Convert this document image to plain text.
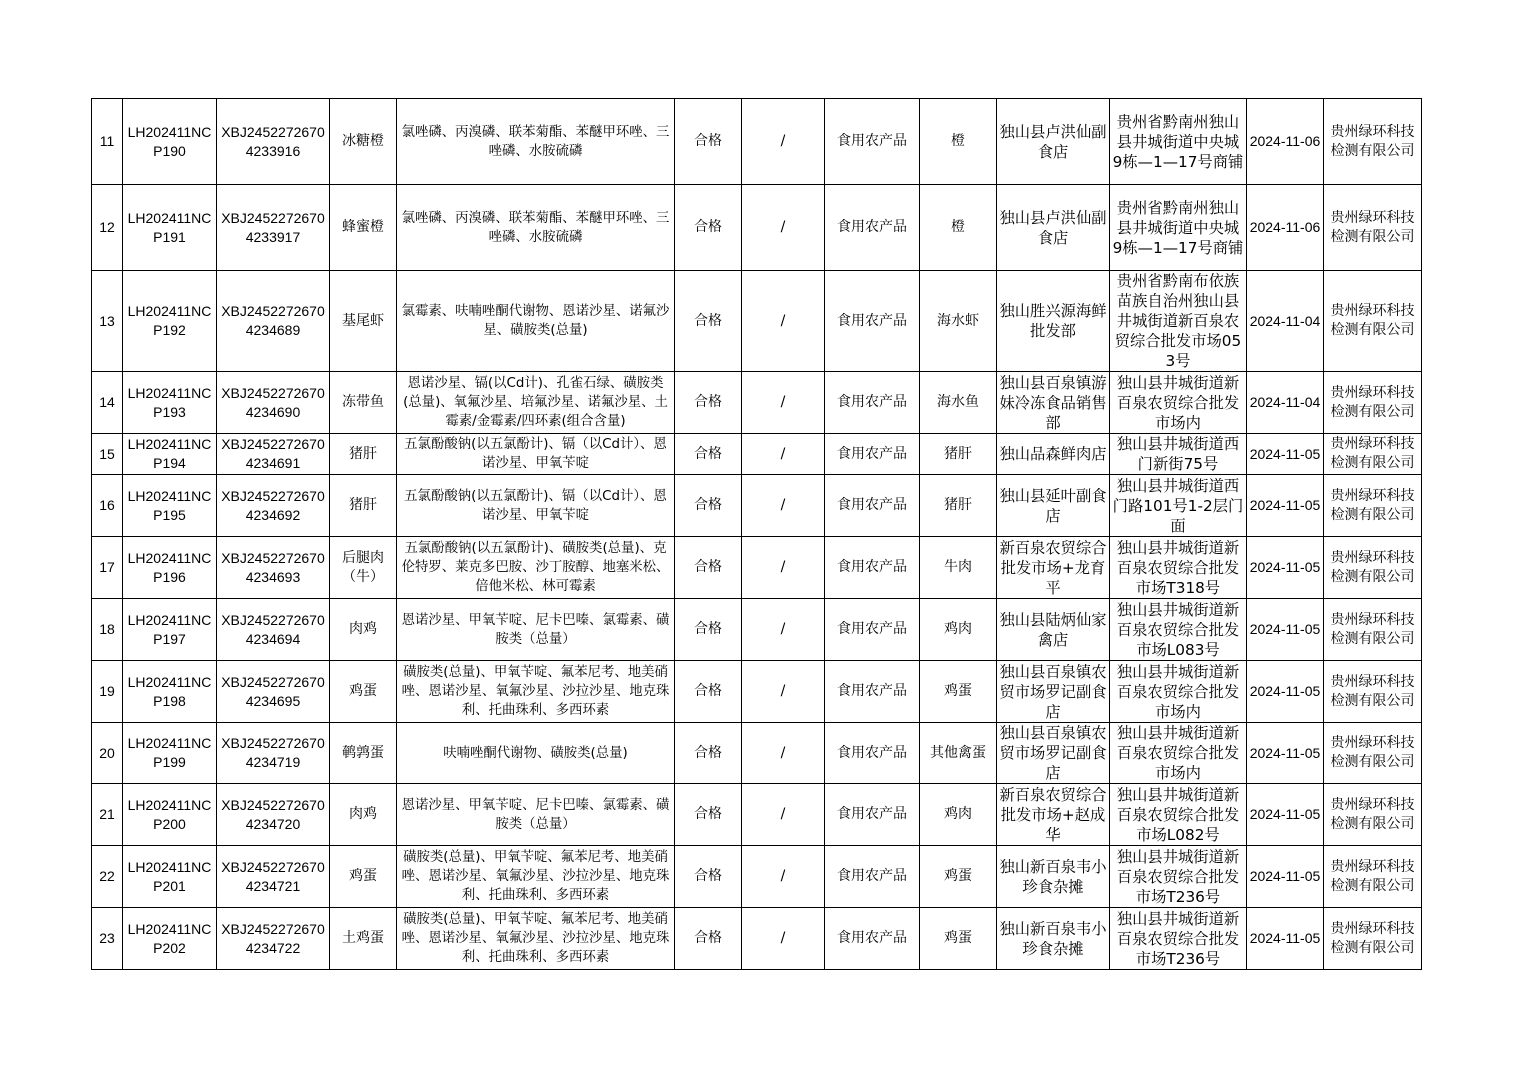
11	LH202411NC P190	XBJ2452272670 4233916	冰糖橙	氯唑磷、丙溴磷、联苯菊酯、苯醚甲环唑、三唑磷、水胺硫磷	合格	/	食用农产品	橙	独山县卢洪仙副食店	贵州省黔南州独山县井城街道中央城9栋—1—17号商铺	2024-11-06	贵州绿环科技检测有限公司
12	LH202411NC P191	XBJ2452272670 4233917	蜂蜜橙	氯唑磷、丙溴磷、联苯菊酯、苯醚甲环唑、三唑磷、水胺硫磷	合格	/	食用农产品	橙	独山县卢洪仙副食店	贵州省黔南州独山县井城街道中央城9栋—1—17号商铺	2024-11-06	贵州绿环科技检测有限公司
13	LH202411NC P192	XBJ2452272670 4234689	基尾虾	氯霉素、呋喃唑酮代谢物、恩诺沙星、诺氟沙星、磺胺类(总量)	合格	/	食用农产品	海水虾	独山胜兴源海鲜批发部	贵州省黔南布依族苗族自治州独山县井城街道新百泉农贸综合批发市场053号	2024-11-04	贵州绿环科技检测有限公司
14	LH202411NC P193	XBJ2452272670 4234690	冻带鱼	恩诺沙星、镉(以Cd计)、孔雀石绿、磺胺类(总量)、氧氟沙星、培氟沙星、诺氟沙星、土霉素/金霉素/四环素(组合含量)	合格	/	食用农产品	海水鱼	独山县百泉镇游妹冷冻食品销售部	独山县井城街道新百泉农贸综合批发市场内	2024-11-04	贵州绿环科技检测有限公司
15	LH202411NC P194	XBJ2452272670 4234691	猪肝	五氯酚酸钠(以五氯酚计)、镉（以Cd计）、恩诺沙星、甲氧苄啶	合格	/	食用农产品	猪肝	独山品森鲜肉店	独山县井城街道西门新街75号	2024-11-05	贵州绿环科技检测有限公司
16	LH202411NC P195	XBJ2452272670 4234692	猪肝	五氯酚酸钠(以五氯酚计)、镉（以Cd计）、恩诺沙星、甲氧苄啶	合格	/	食用农产品	猪肝	独山县延叶副食店	独山县井城街道西门路101号1-2层门面	2024-11-05	贵州绿环科技检测有限公司
17	LH202411NC P196	XBJ2452272670 4234693	后腿肉（牛）	五氯酚酸钠(以五氯酚计)、磺胺类(总量)、克伦特罗、莱克多巴胺、沙丁胺醇、地塞米松、倍他米松、林可霉素	合格	/	食用农产品	牛肉	新百泉农贸综合批发市场+龙育平	独山县井城街道新百泉农贸综合批发市场T318号	2024-11-05	贵州绿环科技检测有限公司
18	LH202411NC P197	XBJ2452272670 4234694	肉鸡	恩诺沙星、甲氧苄啶、尼卡巴嗪、氯霉素、磺胺类（总量）	合格	/	食用农产品	鸡肉	独山县陆炳仙家禽店	独山县井城街道新百泉农贸综合批发市场L083号	2024-11-05	贵州绿环科技检测有限公司
19	LH202411NC P198	XBJ2452272670 4234695	鸡蛋	磺胺类(总量)、甲氧苄啶、氟苯尼考、地美硝唑、恩诺沙星、氧氟沙星、沙拉沙星、地克珠利、托曲珠利、多西环素	合格	/	食用农产品	鸡蛋	独山县百泉镇农贸市场罗记副食店	独山县井城街道新百泉农贸综合批发市场内	2024-11-05	贵州绿环科技检测有限公司
20	LH202411NC P199	XBJ2452272670 4234719	鹌鹑蛋	呋喃唑酮代谢物、磺胺类(总量)	合格	/	食用农产品	其他禽蛋	独山县百泉镇农贸市场罗记副食店	独山县井城街道新百泉农贸综合批发市场内	2024-11-05	贵州绿环科技检测有限公司
21	LH202411NC P200	XBJ2452272670 4234720	肉鸡	恩诺沙星、甲氧苄啶、尼卡巴嗪、氯霉素、磺胺类（总量）	合格	/	食用农产品	鸡肉	新百泉农贸综合批发市场+赵成华	独山县井城街道新百泉农贸综合批发市场L082号	2024-11-05	贵州绿环科技检测有限公司
22	LH202411NC P201	XBJ2452272670 4234721	鸡蛋	磺胺类(总量)、甲氧苄啶、氟苯尼考、地美硝唑、恩诺沙星、氧氟沙星、沙拉沙星、地克珠利、托曲珠利、多西环素	合格	/	食用农产品	鸡蛋	独山新百泉韦小珍食杂摊	独山县井城街道新百泉农贸综合批发市场T236号	2024-11-05	贵州绿环科技检测有限公司
23	LH202411NC P202	XBJ2452272670 4234722	土鸡蛋	磺胺类(总量)、甲氧苄啶、氟苯尼考、地美硝唑、恩诺沙星、氧氟沙星、沙拉沙星、地克珠利、托曲珠利、多西环素	合格	/	食用农产品	鸡蛋	独山新百泉韦小珍食杂摊	独山县井城街道新百泉农贸综合批发市场T236号	2024-11-05	贵州绿环科技检测有限公司
